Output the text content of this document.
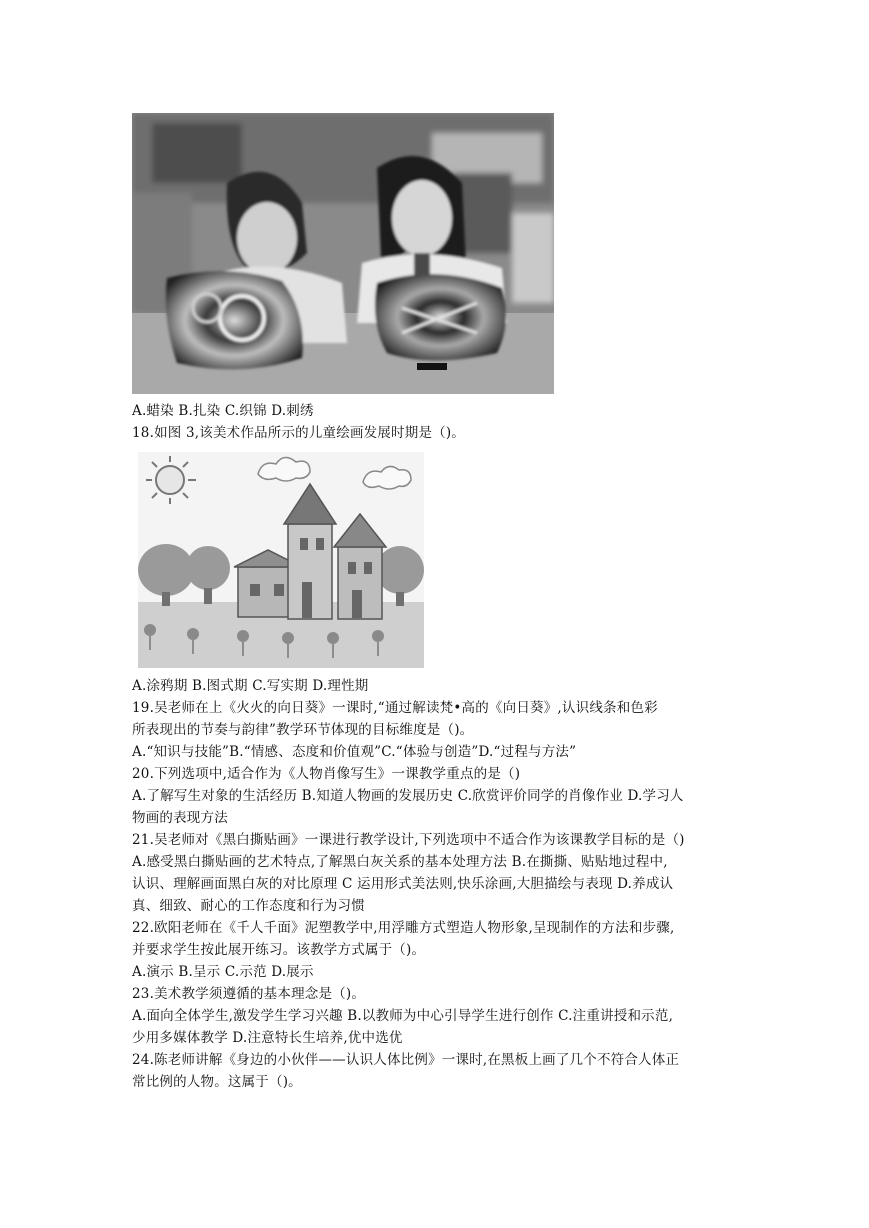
A.蜡染 B.扎染 C.织锦 D.刺绣
18.如图 3,该美术作品所示的儿童绘画发展时期是（)。
A.涂鸦期 B.图式期 C.写实期 D.理性期
19.吴老师在上《火火的向日葵》一课时,“通过解读梵•高的《向日葵》,认识线条和色彩
所表现出的节奏与韵律”教学环节体现的目标维度是（)。
A.“知识与技能”B.“情感、态度和价值观”C.“体验与创造”D.“过程与方法”
20.下列选项中,适合作为《人物肖像写生》一课教学重点的是（)
A.了解写生对象的生活经历 B.知道人物画的发展历史 C.欣赏评价同学的肖像作业 D.学习人
物画的表现方法
21.吴老师对《黑白撕贴画》一课进行教学设计,下列选项中不适合作为该课教学目标的是（)
A.感受黑白撕贴画的艺术特点,了解黑白灰关系的基本处理方法 B.在撕撕、贴贴地过程中,
认识、理解画面黑白灰的对比原理 C 运用形式美法则,快乐涂画,大胆描绘与表现 D.养成认
真、细致、耐心的工作态度和行为习惯
22.欧阳老师在《千人千面》泥塑教学中,用浮雕方式塑造人物形象,呈现制作的方法和步骤,
并要求学生按此展开练习。该教学方式属于（)。
A.演示 B.呈示 C.示范 D.展示
23.美术教学须遵循的基本理念是（)。
A.面向全体学生,激发学生学习兴趣 B.以教师为中心引导学生进行创作 C.注重讲授和示范,
少用多媒体教学 D.注意特长生培养,优中选优
24.陈老师讲解《身边的小伙伴——认识人体比例》一课时,在黑板上画了几个不符合人体正
常比例的人物。这属于（)。
